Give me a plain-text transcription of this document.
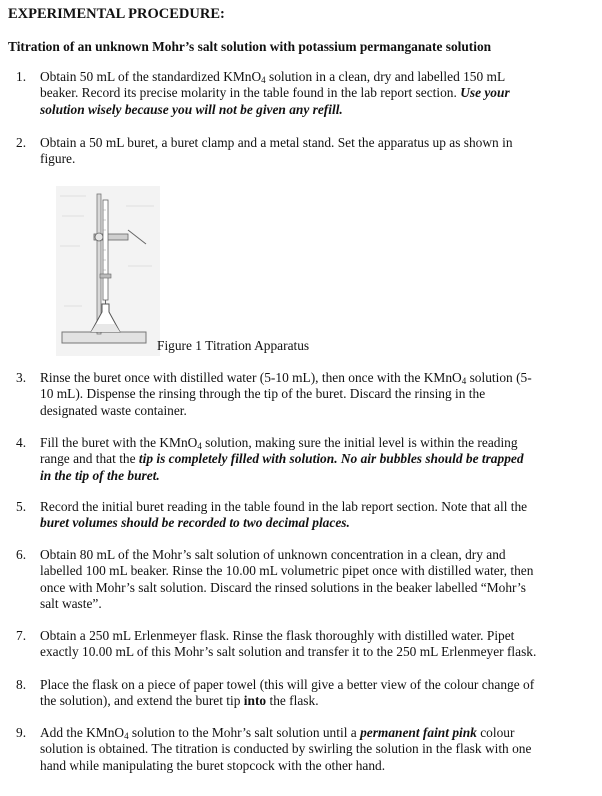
EXPERIMENTAL PROCEDURE:
Titration of an unknown Mohr’s salt solution with potassium permanganate solution
1. Obtain 50 mL of the standardized KMnO$_4$ solution in a clean, dry and labelled 150 mL
beaker. Record its precise molarity in the table found in the lab report section. Use your
solution wisely because you will not be given any refill.
2. Obtain a 50 mL buret, a buret clamp and a metal stand. Set the apparatus up as shown in
figure.
Figure 1 Titration Apparatus
3. Rinse the buret once with distilled water (5-10 mL), then once with the KMnO$_4$ solution (5-
10 mL). Dispense the rinsing through the tip of the buret. Discard the rinsing in the
designated waste container.
4. Fill the buret with the KMnO$_4$ solution, making sure the initial level is within the reading
range and that the tip is completely filled with solution. No air bubbles should be trapped
in the tip of the buret.
5. Record the initial buret reading in the table found in the lab report section. Note that all the
buret volumes should be recorded to two decimal places.
6. Obtain 80 mL of the Mohr’s salt solution of unknown concentration in a clean, dry and
labelled 100 mL beaker. Rinse the 10.00 mL volumetric pipet once with distilled water, then
once with Mohr’s salt solution. Discard the rinsed solutions in the beaker labelled “Mohr’s
salt waste”.
7. Obtain a 250 mL Erlenmeyer flask. Rinse the flask thoroughly with distilled water. Pipet
exactly 10.00 mL of this Mohr’s salt solution and transfer it to the 250 mL Erlenmeyer flask.
8. Place the flask on a piece of paper towel (this will give a better view of the colour change of
the solution), and extend the buret tip into the flask.
9. Add the KMnO$_4$ solution to the Mohr’s salt solution until a permanent faint pink colour
solution is obtained. The titration is conducted by swirling the solution in the flask with one
hand while manipulating the buret stopcock with the other hand.
